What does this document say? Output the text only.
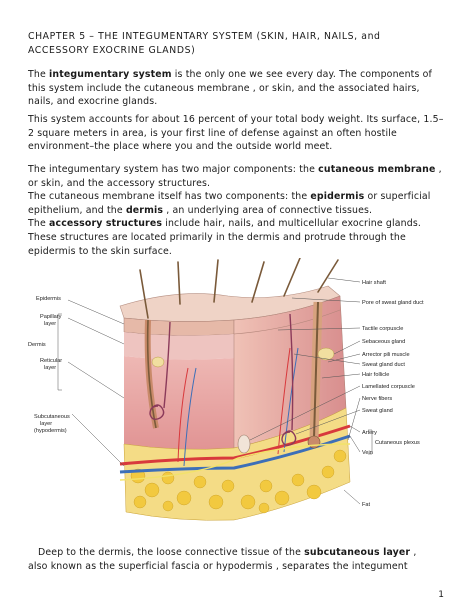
CHAPTER 5 – THE INTEGUMENTARY SYSTEM (SKIN, HAIR, NAILS, and
ACCESSORY EXOCRINE GLANDS)
The integumentary system is the only one we see every day. The components of this system include the cutaneous membrane , or skin, and the associated hairs, nails, and exocrine glands.
This system accounts for about 16 percent of your total body weight. Its surface, 1.5–2 square meters in area, is your first line of defense against an often hostile environment–the place where you and the outside world meet.
The integumentary system has two major components: the cutaneous membrane , or skin, and the accessory structures.
The cutaneous membrane itself has two components: the epidermis or superficial epithelium, and the dermis , an underlying area of connective tissues.
The accessory structures include hair, nails, and multicellular exocrine glands. These structures are located primarily in the dermis and protrude through the epidermis to the skin surface.
Epidermis
Papillary
layer
Dermis
Reticular
layer
Subcutaneous
layer
(hypodermis)
Hair shaft
Pore of sweat gland duct
Tactile corpuscle
Sebaceous gland
Arrector pili muscle
Sweat gland duct
Hair follicle
Lamellated corpuscle
Nerve fibers
Sweat gland
Artery
Cutaneous plexus
Vein
Fat
Deep to the dermis, the loose connective tissue of the subcutaneous layer ,
also known as the superficial fascia or hypodermis , separates the integument
1
